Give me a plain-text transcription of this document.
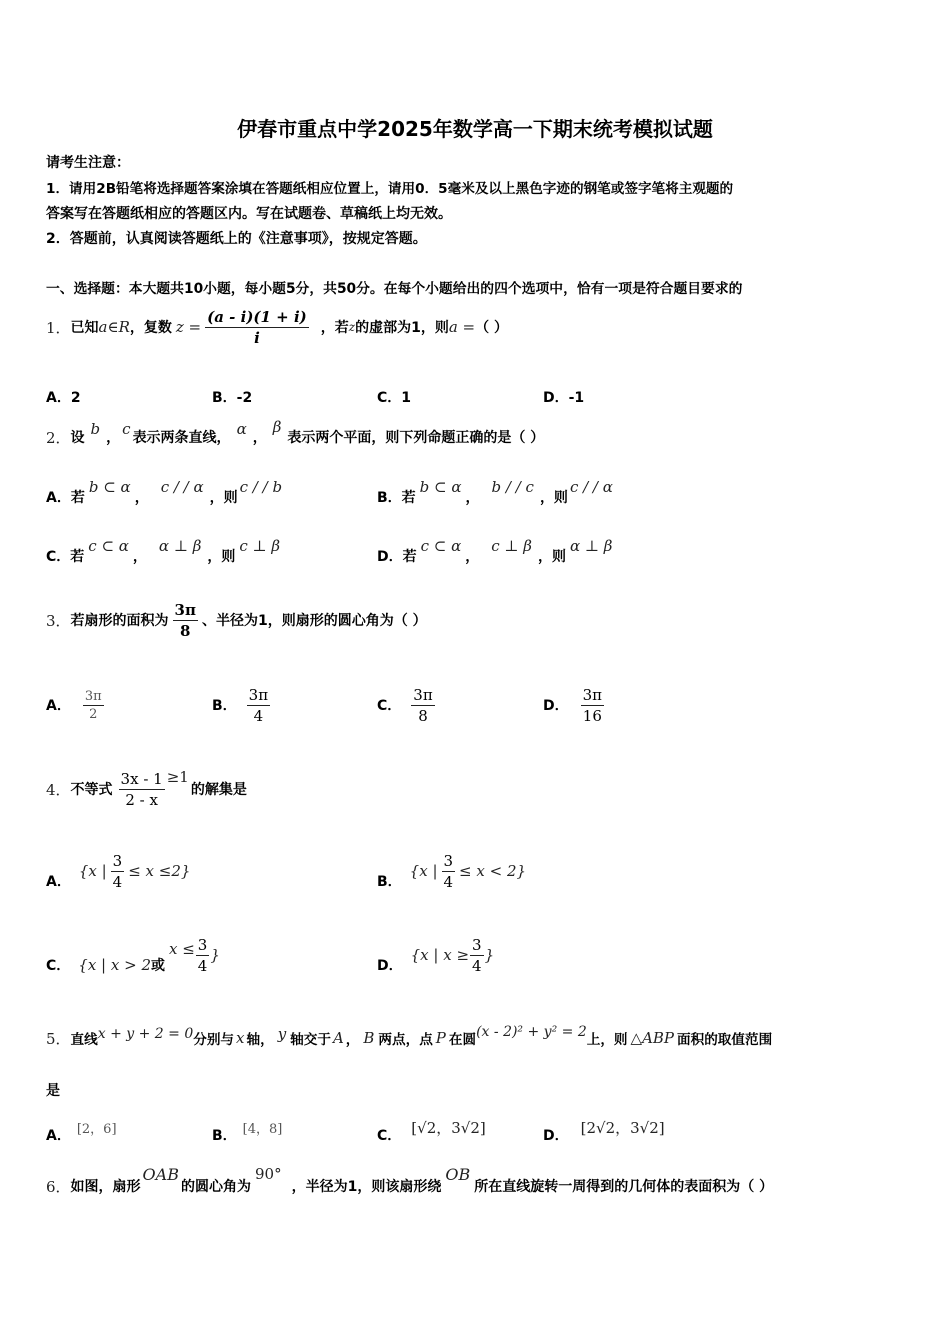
伊春市重点中学2025年数学高一下期末统考模拟试题
请考生注意：
1．请用2B铅笔将选择题答案涂填在答题纸相应位置上，请用0．5毫米及以上黑色字迹的钢笔或签字笔将主观题的
答案写在答题纸相应的答题区内。写在试题卷、草稿纸上均无效。
2．答题前，认真阅读答题纸上的《注意事项》，按规定答题。
一、选择题：本大题共10小题，每小题5分，共50分。在每个小题给出的四个选项中，恰有一项是符合题目要求的
1． 已知 a∈R ，复数 $z = \frac{(a - i)(1 + i)}{i}$ ，若 z 的虚部为1，则 a = （ ）
A．2	B．-2	C．1	D．-1
2． 设 b ， c 表示两条直线， α ，
β
表示两个平面，则下列命题正确的是（ ）
A．若
b ⊂ α
，
c / / α
，则
c / / b
B．若
b ⊂ α
，
b / / c
，则
c / / α
C．若
c ⊂ α
，
α ⊥ β
，则
c ⊥ β
D．若
c ⊂ α
，
c ⊥ β
，则
α ⊥ β
3． 若扇形的面积为 $\frac{3\pi}{8}$ 、半径为1，则扇形的圆心角为（ ）
A． $\frac{3\pi}{2}$	B． $\frac{3\pi}{4}$	C． $\frac{3\pi}{8}$	D． $\frac{3\pi}{16}$
4． 不等式 $\frac{3x - 1}{2 - x} \ge 1$
的解集是
A．
{x | $\frac{3}{4} \le x \le 2$}
B．
{x | $\frac{3}{4} \le x < 2$}
C． {x | x > 2 或
$x \le \frac{3}{4}$ }
D．
{x | $x \ge \frac{3}{4}$ }
5． 直线 x + y + 2 = 0 分别与 x 轴， y 轴交于 A ， B 两点，点 P 在圆 (x - 2)² + y² = 2 上，则 △ABP 面积的取值范围
是
A． [2，6]	B． [4，8]	C． [√2，3√2]	D． [2√2，3√2]
6． 如图，扇形
OAB
的圆心角为
90°
，半径为1，则该扇形绕
OB
所在直线旋转一周得到的几何体的表面积为（ ）
